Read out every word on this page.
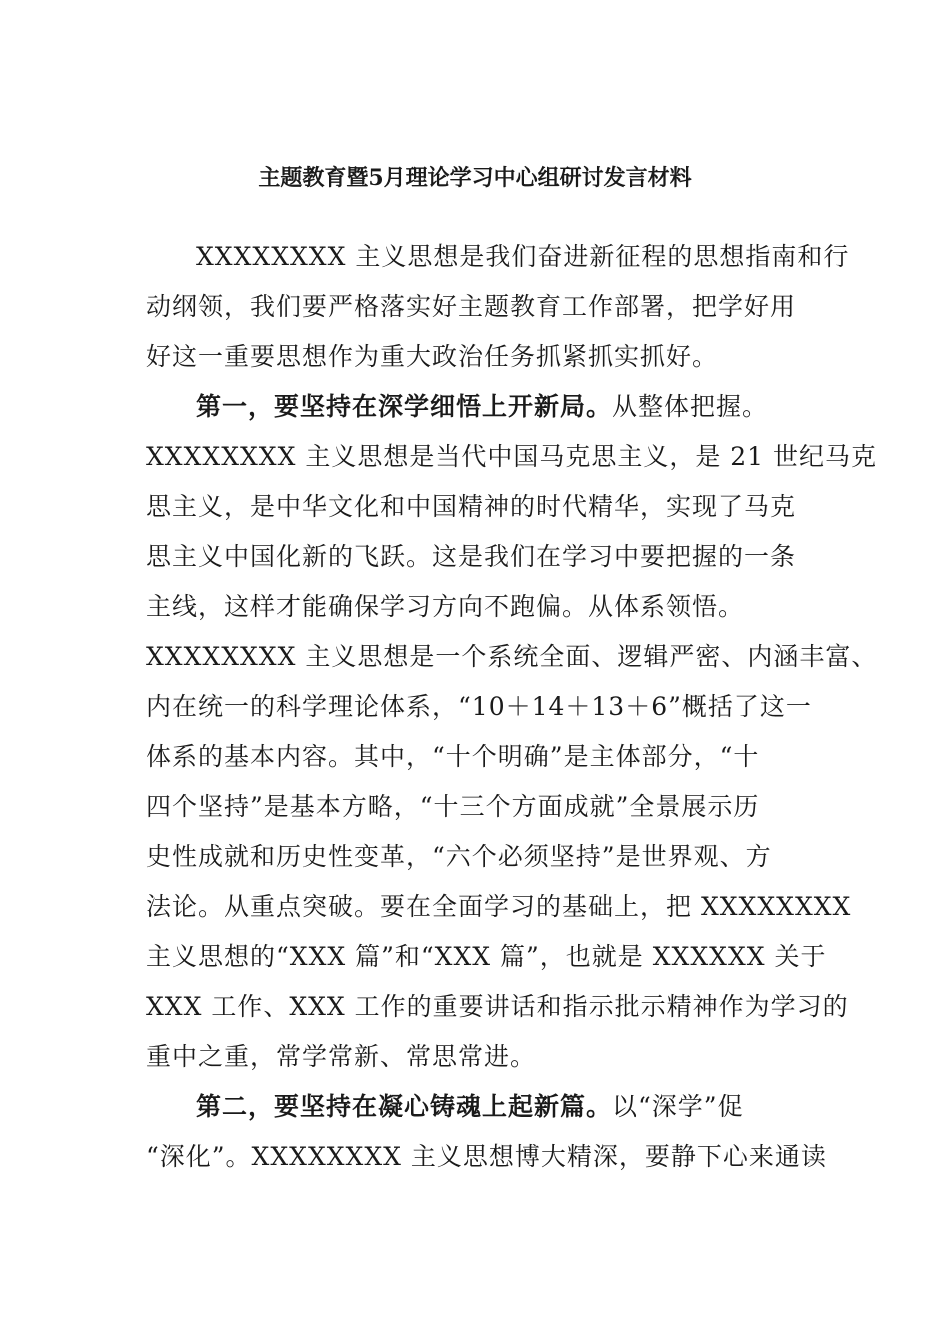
主题教育暨5月理论学习中心组研讨发言材料
XXXXXXXX 主义思想是我们奋进新征程的思想指南和行
动纲领，我们要严格落实好主题教育工作部署，把学好用
好这一重要思想作为重大政治任务抓紧抓实抓好。
第一，要坚持在深学细悟上开新局。从整体把握。
XXXXXXXX 主义思想是当代中国马克思主义，是 21 世纪马克
思主义，是中华文化和中国精神的时代精华，实现了马克
思主义中国化新的飞跃。这是我们在学习中要把握的一条
主线，这样才能确保学习方向不跑偏。从体系领悟。
XXXXXXXX 主义思想是一个系统全面、逻辑严密、内涵丰富、
内在统一的科学理论体系，“10＋14＋13＋6”概括了这一
体系的基本内容。其中，“十个明确”是主体部分，“十
四个坚持”是基本方略，“十三个方面成就”全景展示历
史性成就和历史性变革，“六个必须坚持”是世界观、方
法论。从重点突破。要在全面学习的基础上，把 XXXXXXXX
主义思想的“XXX 篇”和“XXX 篇”，也就是 XXXXXX 关于
XXX 工作、XXX 工作的重要讲话和指示批示精神作为学习的
重中之重，常学常新、常思常进。
第二，要坚持在凝心铸魂上起新篇。以“深学”促
“深化”。XXXXXXXX 主义思想博大精深，要静下心来通读
